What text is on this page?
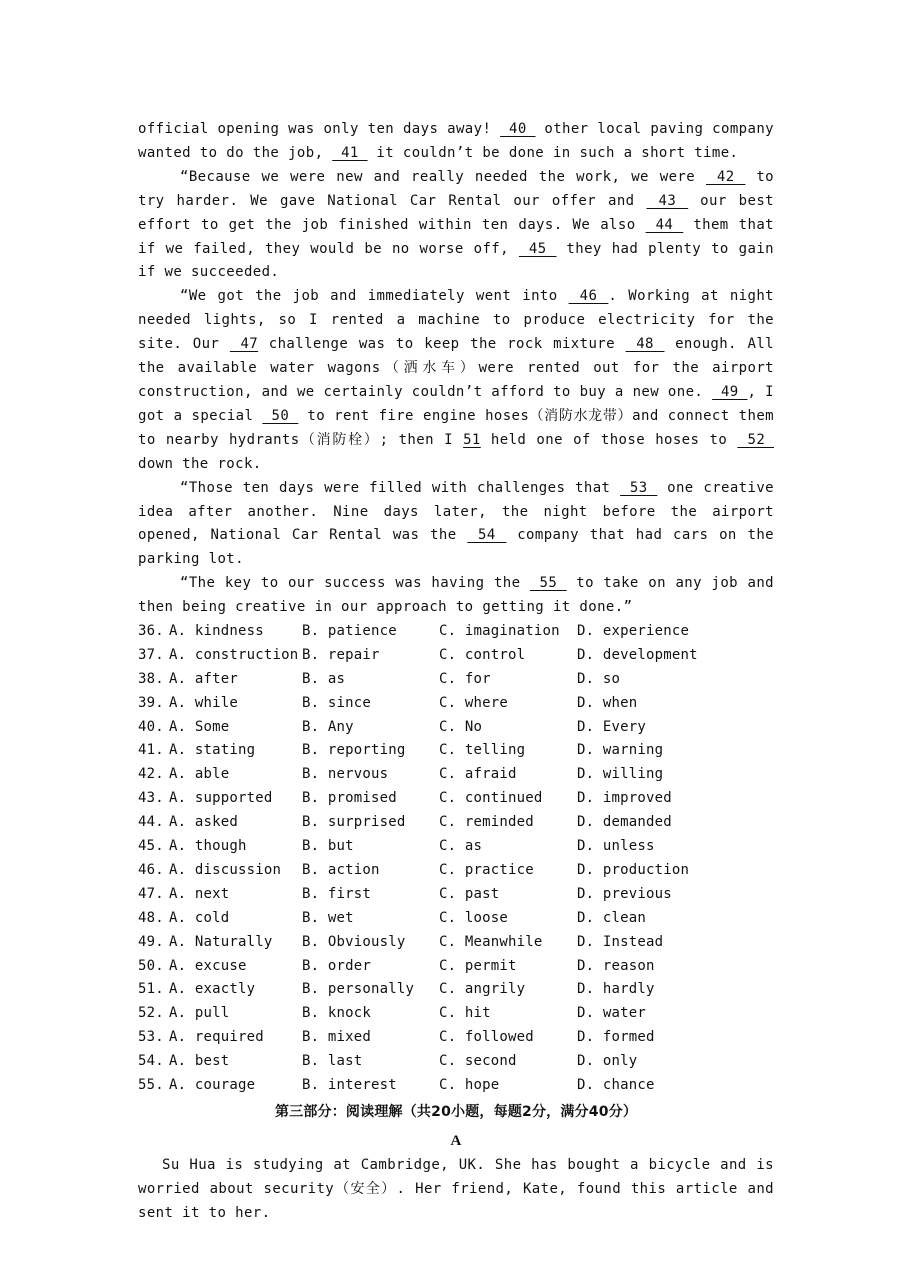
official opening was only ten days away!  40  other local paving company wanted to do the job,  41  it couldn’t be done in such a short time.

“Because we were new and really needed the work, we were  42  to try harder. We gave National Car Rental our offer and  43  our best effort to get the job finished within ten days. We also  44  them that if we failed, they would be no worse off,  45  they had plenty to gain if we succeeded.

“We got the job and immediately went into  46 . Working at night needed lights, so I rented a machine to produce electricity for the site. Our  47 challenge was to keep the rock mixture  48  enough. All the available water wagons（洒水车）were rented out for the airport construction, and we certainly couldn’t afford to buy a new one.  49 , I got a special  50  to rent fire engine hoses（消防水龙带）and connect them to nearby hydrants（消防栓）; then I 51 held one of those hoses to  52  down the rock.

“Those ten days were filled with challenges that  53  one creative idea after another. Nine days later, the night before the airport opened, National Car Rental was the  54  company that had cars on the parking lot.

“The key to our success was having the  55  to take on any job and then being creative in our approach to getting it done.”

36. A. kindness	B. patience	C. imagination	D. experience
37. A. construction B. repair	C. control	D. development
38. A. after	B. as	C. for	D. so
39. A. while	B. since	C. where	D. when
40. A. Some	B. Any	C. No	D. Every
41. A. stating	B. reporting	C. telling	D. warning
42. A. able	B. nervous	C. afraid	D. willing
43. A. supported	B. promised	C. continued	D. improved
44. A. asked	B. surprised	C. reminded	D. demanded
45. A. though	B. but	C. as	D. unless
46. A. discussion	B. action	C. practice	D. production
47. A. next	B. first	C. past	D. previous
48. A. cold	B. wet	C. loose	D. clean
49. A. Naturally	B. Obviously	C. Meanwhile	D. Instead
50. A. excuse	B. order	C. permit	D. reason
51. A. exactly	B. personally	C. angrily	D. hardly
52. A. pull	B. knock	C. hit	D. water
53. A. required	B. mixed	C. followed	D. formed
54. A. best	B. last	C. second	D. only
55. A. courage	B. interest	C. hope	D. chance
第三部分：阅读理解（共20小题，每题2分，满分40分）
A

Su Hua is studying at Cambridge, UK. She has bought a bicycle and is worried about security（安全）. Her friend, Kate, found this article and sent it to her.
